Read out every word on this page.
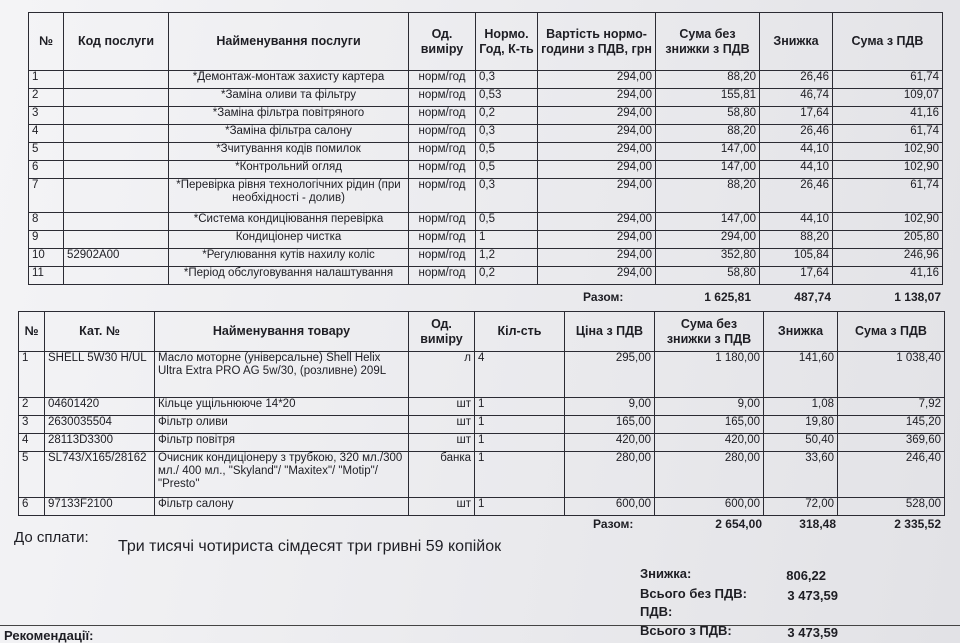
№	Код послуги	Найменування послуги	Од. виміру	Нормо. Год, К-ть	Вартість нормо-години з ПДВ, грн	Сума без знижки з ПДВ	Знижка	Сума з ПДВ
1		*Демонтаж-монтаж захисту картера	норм/год	0,3	294,00	88,20	26,46	61,74
2		*Заміна оливи та фільтру	норм/год	0,53	294,00	155,81	46,74	109,07
3		*Заміна фільтра повітряного	норм/год	0,2	294,00	58,80	17,64	41,16
4		*Заміна фільтра салону	норм/год	0,3	294,00	88,20	26,46	61,74
5		*Зчитування кодів помилок	норм/год	0,5	294,00	147,00	44,10	102,90
6		*Контрольний огляд	норм/год	0,5	294,00	147,00	44,10	102,90
7		*Перевірка рівня технологічних рідин (при необхідності - долив)	норм/год	0,3	294,00	88,20	26,46	61,74
8		*Система кондиціювання перевірка	норм/год	0,5	294,00	147,00	44,10	102,90
9		Кондиціонер чистка	норм/год	1	294,00	294,00	88,20	205,80
10	52902A00	*Регулювання кутів нахилу коліс	норм/год	1,2	294,00	352,80	105,84	246,96
11		*Період обслуговування налаштування	норм/год	0,2	294,00	58,80	17,64	41,16
Разом:	1 625,81	487,74	1 138,07
№	Кат. №	Найменування товару	Од. виміру	Кіл-сть	Ціна з ПДВ	Сума без знижки з ПДВ	Знижка	Сума з ПДВ
1	SHELL 5W30 H/UL	Масло моторне (універсальне) Shell Helix Ultra Extra PRO AG 5w/30, (розливне) 209L	л	4	295,00	1 180,00	141,60	1 038,40
2	04601420	Кільце ущільнююче 14*20	шт	1	9,00	9,00	1,08	7,92
3	2630035504	Фільтр оливи	шт	1	165,00	165,00	19,80	145,20
4	28113D3300	Фільтр повітря	шт	1	420,00	420,00	50,40	369,60
5	SL743/X165/28162	Очисник кондиціонеру з трубкою, 320 мл./300 мл./ 400 мл., "Skyland"/ "Maxitex"/ "Motip"/ "Presto"	банка	1	280,00	280,00	33,60	246,40
6	97133F2100	Фільтр салону	шт	1	600,00	600,00	72,00	528,00
Разом:	2 654,00	318,48	2 335,52
До сплати:
Три тисячі чотириста сімдесят три гривні 59 копійок
Знижка:	806,22
Всього без ПДВ:	3 473,59
ПДВ:
Всього з ПДВ:	3 473,59
Рекомендації:
